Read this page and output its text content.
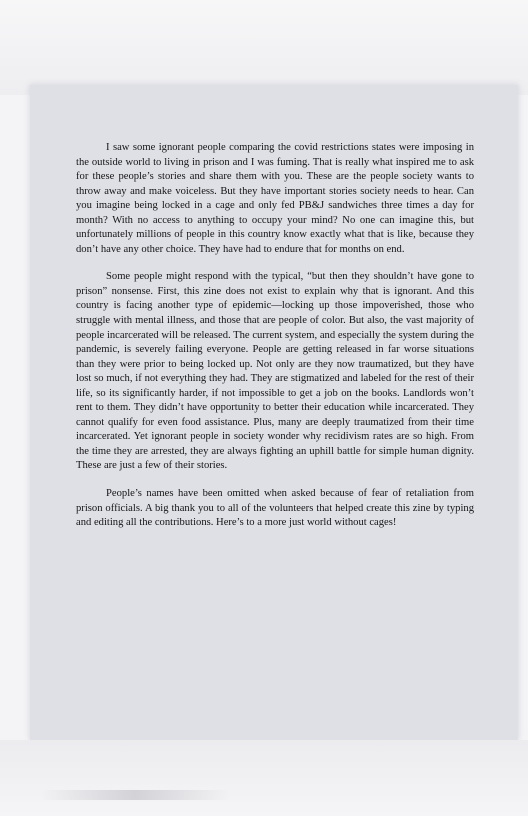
I saw some ignorant people comparing the covid restrictions states were imposing in the outside world to living in prison and I was fuming. That is really what inspired me to ask for these people’s stories and share them with you. These are the people society wants to throw away and make voiceless. But they have important stories society needs to hear. Can you imagine being locked in a cage and only fed PB&J sandwiches three times a day for month? With no access to anything to occupy your mind? No one can imagine this, but unfortunately millions of people in this country know exactly what that is like, because they don’t have any other choice. They have had to endure that for months on end.

Some people might respond with the typical, “but then they shouldn’t have gone to prison” nonsense. First, this zine does not exist to explain why that is ignorant. And this country is facing another type of epidemic—locking up those impoverished, those who struggle with mental illness, and those that are people of color. But also, the vast majority of people incarcerated will be released. The current system, and especially the system during the pandemic, is severely failing everyone. People are getting released in far worse situations than they were prior to being locked up. Not only are they now traumatized, but they have lost so much, if not everything they had. They are stigmatized and labeled for the rest of their life, so its significantly harder, if not impossible to get a job on the books. Landlords won’t rent to them. They didn’t have opportunity to better their education while incarcerated. They cannot qualify for even food assistance. Plus, many are deeply traumatized from their time incarcerated. Yet ignorant people in society wonder why recidivism rates are so high. From the time they are arrested, they are always fighting an uphill battle for simple human dignity. These are just a few of their stories.

People’s names have been omitted when asked because of fear of retaliation from prison officials. A big thank you to all of the volunteers that helped create this zine by typing and editing all the contributions. Here’s to a more just world without cages!
